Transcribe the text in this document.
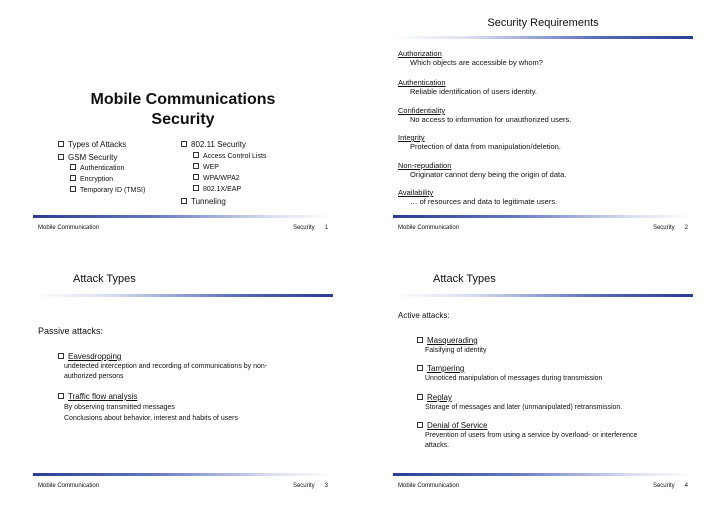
Mobile Communications
Security
Types of Attacks
GSM Security
Authentication
Encryption
Temporary ID (TMSI)
802.11 Security
Access Control Lists
WEP
WPA/WPA2
802.1X/EAP
Tunneling
Mobile Communication	Security 1
Security Requirements
Authorization
Which objects are accessible by whom?
Authentication
Reliable identification of users identity.
Confidentiality
No access to information for unauthorized users.
Integrity
Protection of data from manipulation/deletion.
Non-repudiation
Originator cannot deny being the origin of data.
Availability
… of resources and data to legitimate users.
Mobile Communication	Security 2
Attack Types
Passive attacks:
Eavesdropping
undetected interception and recording of communications by non-
authorized persons
Traffic flow analysis
By observing transmitted messages
Conclusions about behavior, interest and habits of users
Mobile Communication	Security 3
Attack Types
Active attacks:
Masquerading
Falsifying of identity
Tampering
Unnoticed manipulation of messages during transmission
Replay
Storage of messages and later (unmanipulated) retransmission.
Denial of Service
Prevention of users from using a service by overload- or interference
attacks.
Mobile Communication	Security 4
